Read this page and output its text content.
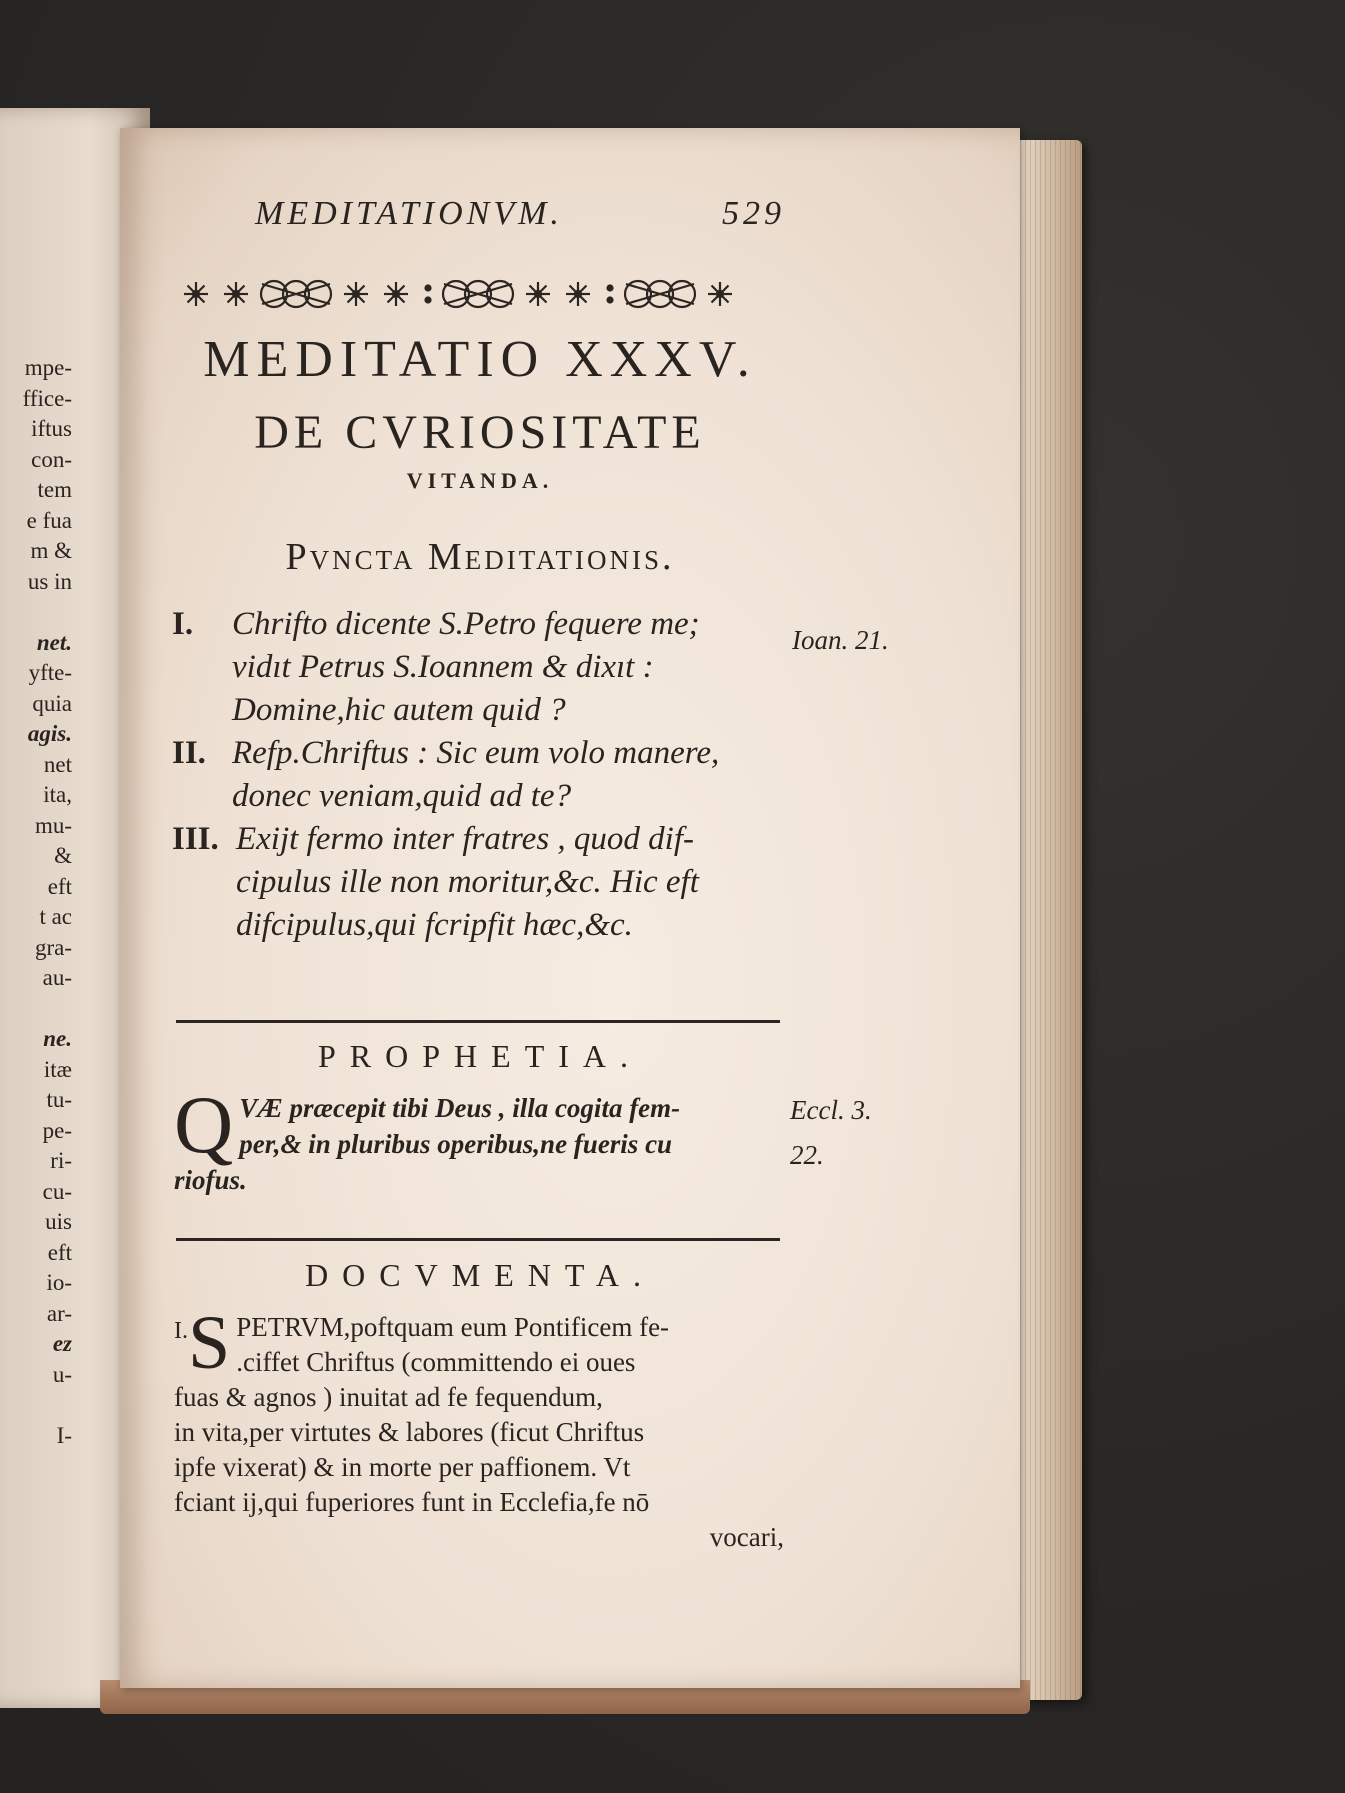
mpe-
ffice-
iftus
con-
tem
e fua
m &
us in

net.
yfte-
quia
agis.
net
ita,
mu-
&
eft
t ac
gra-
au-

ne.
itæ
tu-
pe-
ri-
cu-
uis
eft
io-
ar-
ez
u-

I-
MEDITATIONVM.	529
MEDITATIO XXXV.
DE CVRIOSITATE
VITANDA.
Pvncta Meditationis.
I.	Chrifto dicente S.Petro fequere me;
vidıt Petrus S.Ioannem & dixıt :
Domine,hic autem quid ?
II. Refp.Chriftus : Sic eum volo manere,
donec veniam,quid ad te?
III. Exijt fermo inter fratres , quod dif-
cipulus ille non moritur,&c. Hic eft
difcipulus,qui fcripfit hæc,&c.
Ioan. 21.
PROPHETIA.
Q VÆ præcepit tibi Deus , illa cogita fem-
per,& in pluribus operibus,ne fueris cu
riofus.
Eccl. 3.
22.
DOCVMENTA.
I. S PETRVM,poftquam eum Pontificem fe-
.ciffet Chriftus (committendo ei oues
fuas & agnos ) inuitat ad fe fequendum,
in vita,per virtutes & labores (ficut Chriftus
ipfe vixerat) & in morte per paffionem. Vt
fciant ij,qui fuperiores funt in Ecclefia,fe nō
vocari,
